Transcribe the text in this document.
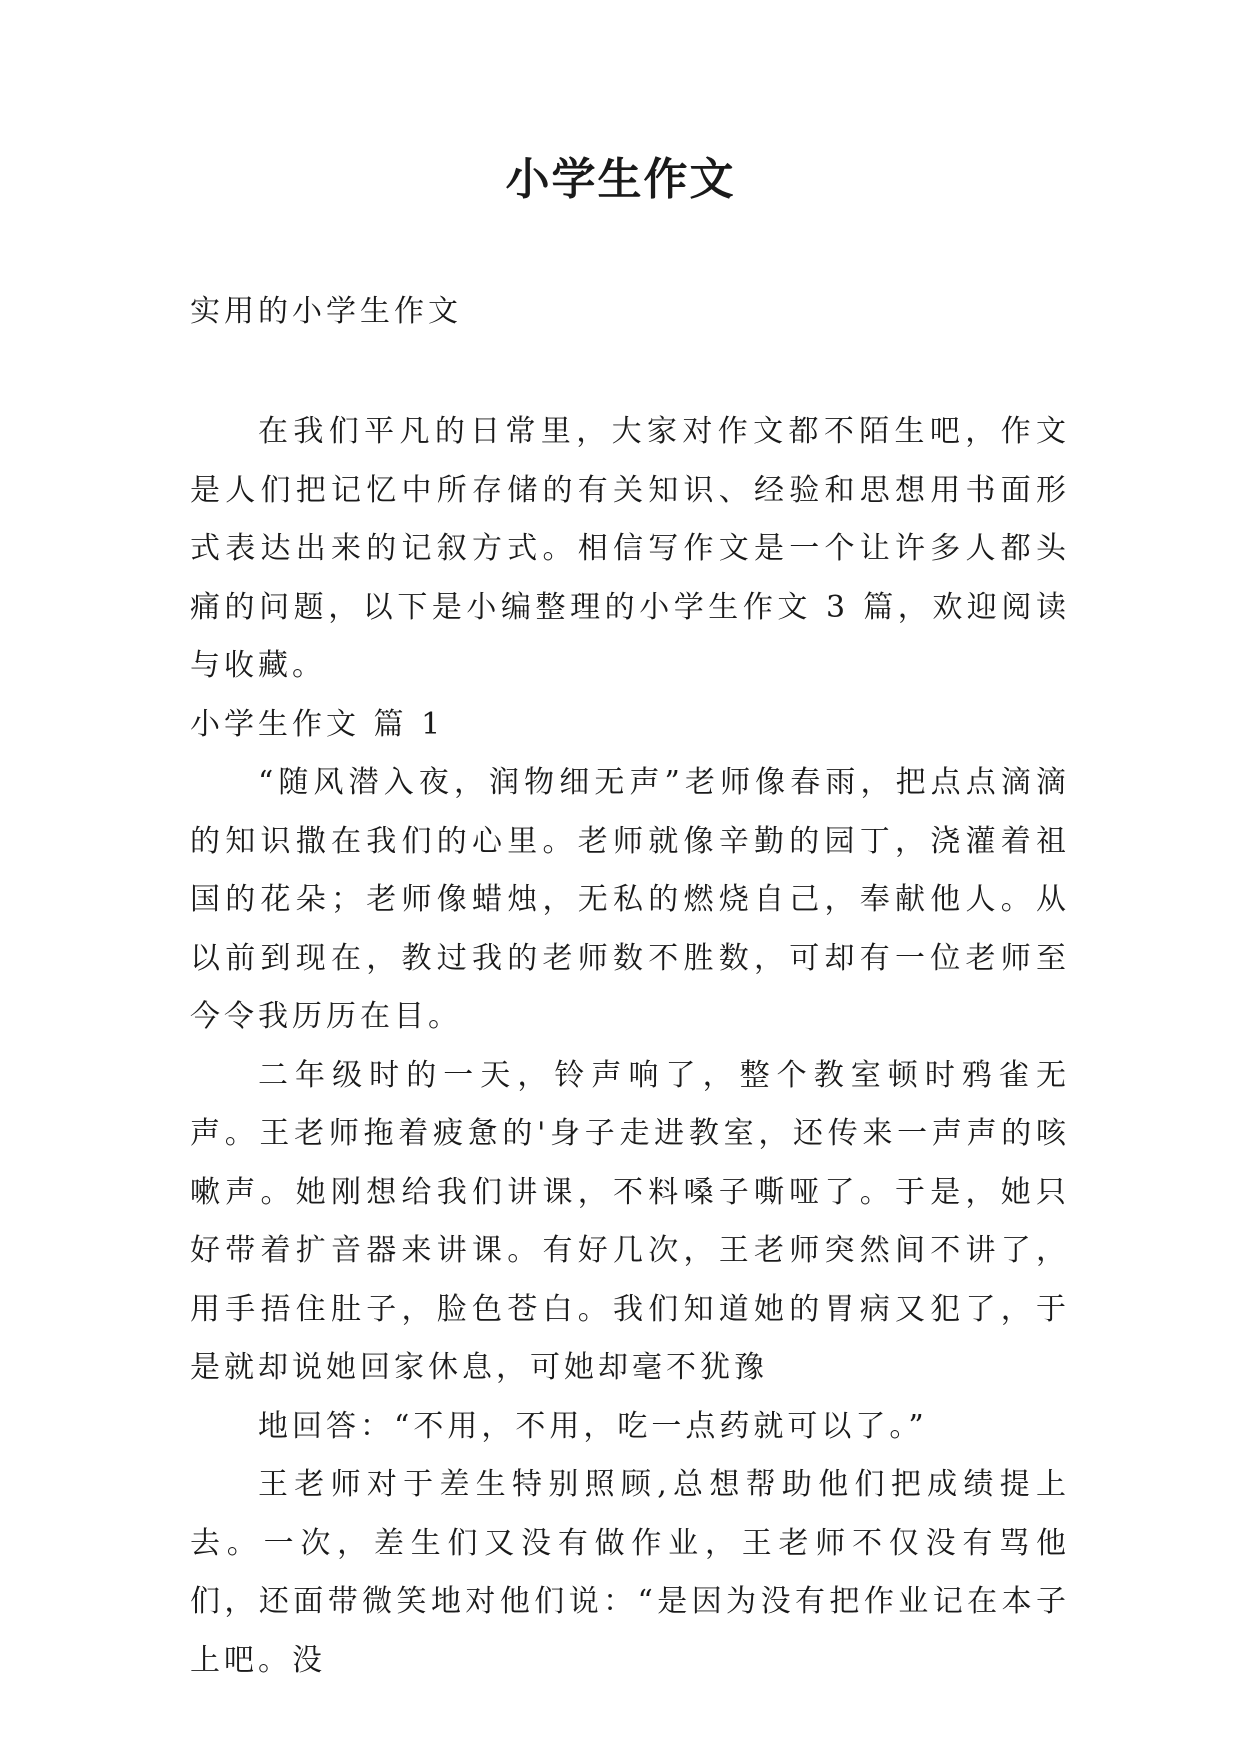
小学生作文

实用的小学生作文

在我们平凡的日常里，大家对作文都不陌生吧，作文是人们把记忆中所存储的有关知识、经验和思想用书面形式表达出来的记叙方式。相信写作文是一个让许多人都头痛的问题，以下是小编整理的小学生作文 3 篇，欢迎阅读与收藏。

小学生作文 篇 1

“随风潜入夜，润物细无声”老师像春雨，把点点滴滴的知识撒在我们的心里。老师就像辛勤的园丁，浇灌着祖国的花朵；老师像蜡烛，无私的燃烧自己，奉献他人。从以前到现在，教过我的老师数不胜数，可却有一位老师至今令我历历在目。

二年级时的一天，铃声响了，整个教室顿时鸦雀无声。王老师拖着疲惫的'身子走进教室，还传来一声声的咳嗽声。她刚想给我们讲课，不料嗓子嘶哑了。于是，她只好带着扩音器来讲课。有好几次，王老师突然间不讲了，用手捂住肚子，脸色苍白。我们知道她的胃病又犯了，于是就却说她回家休息，可她却毫不犹豫

地回答：“不用，不用，吃一点药就可以了。”

王老师对于差生特别照顾,总想帮助他们把成绩提上去。一次，差生们又没有做作业，王老师不仅没有骂他们，还面带微笑地对他们说：“是因为没有把作业记在本子上吧。没
